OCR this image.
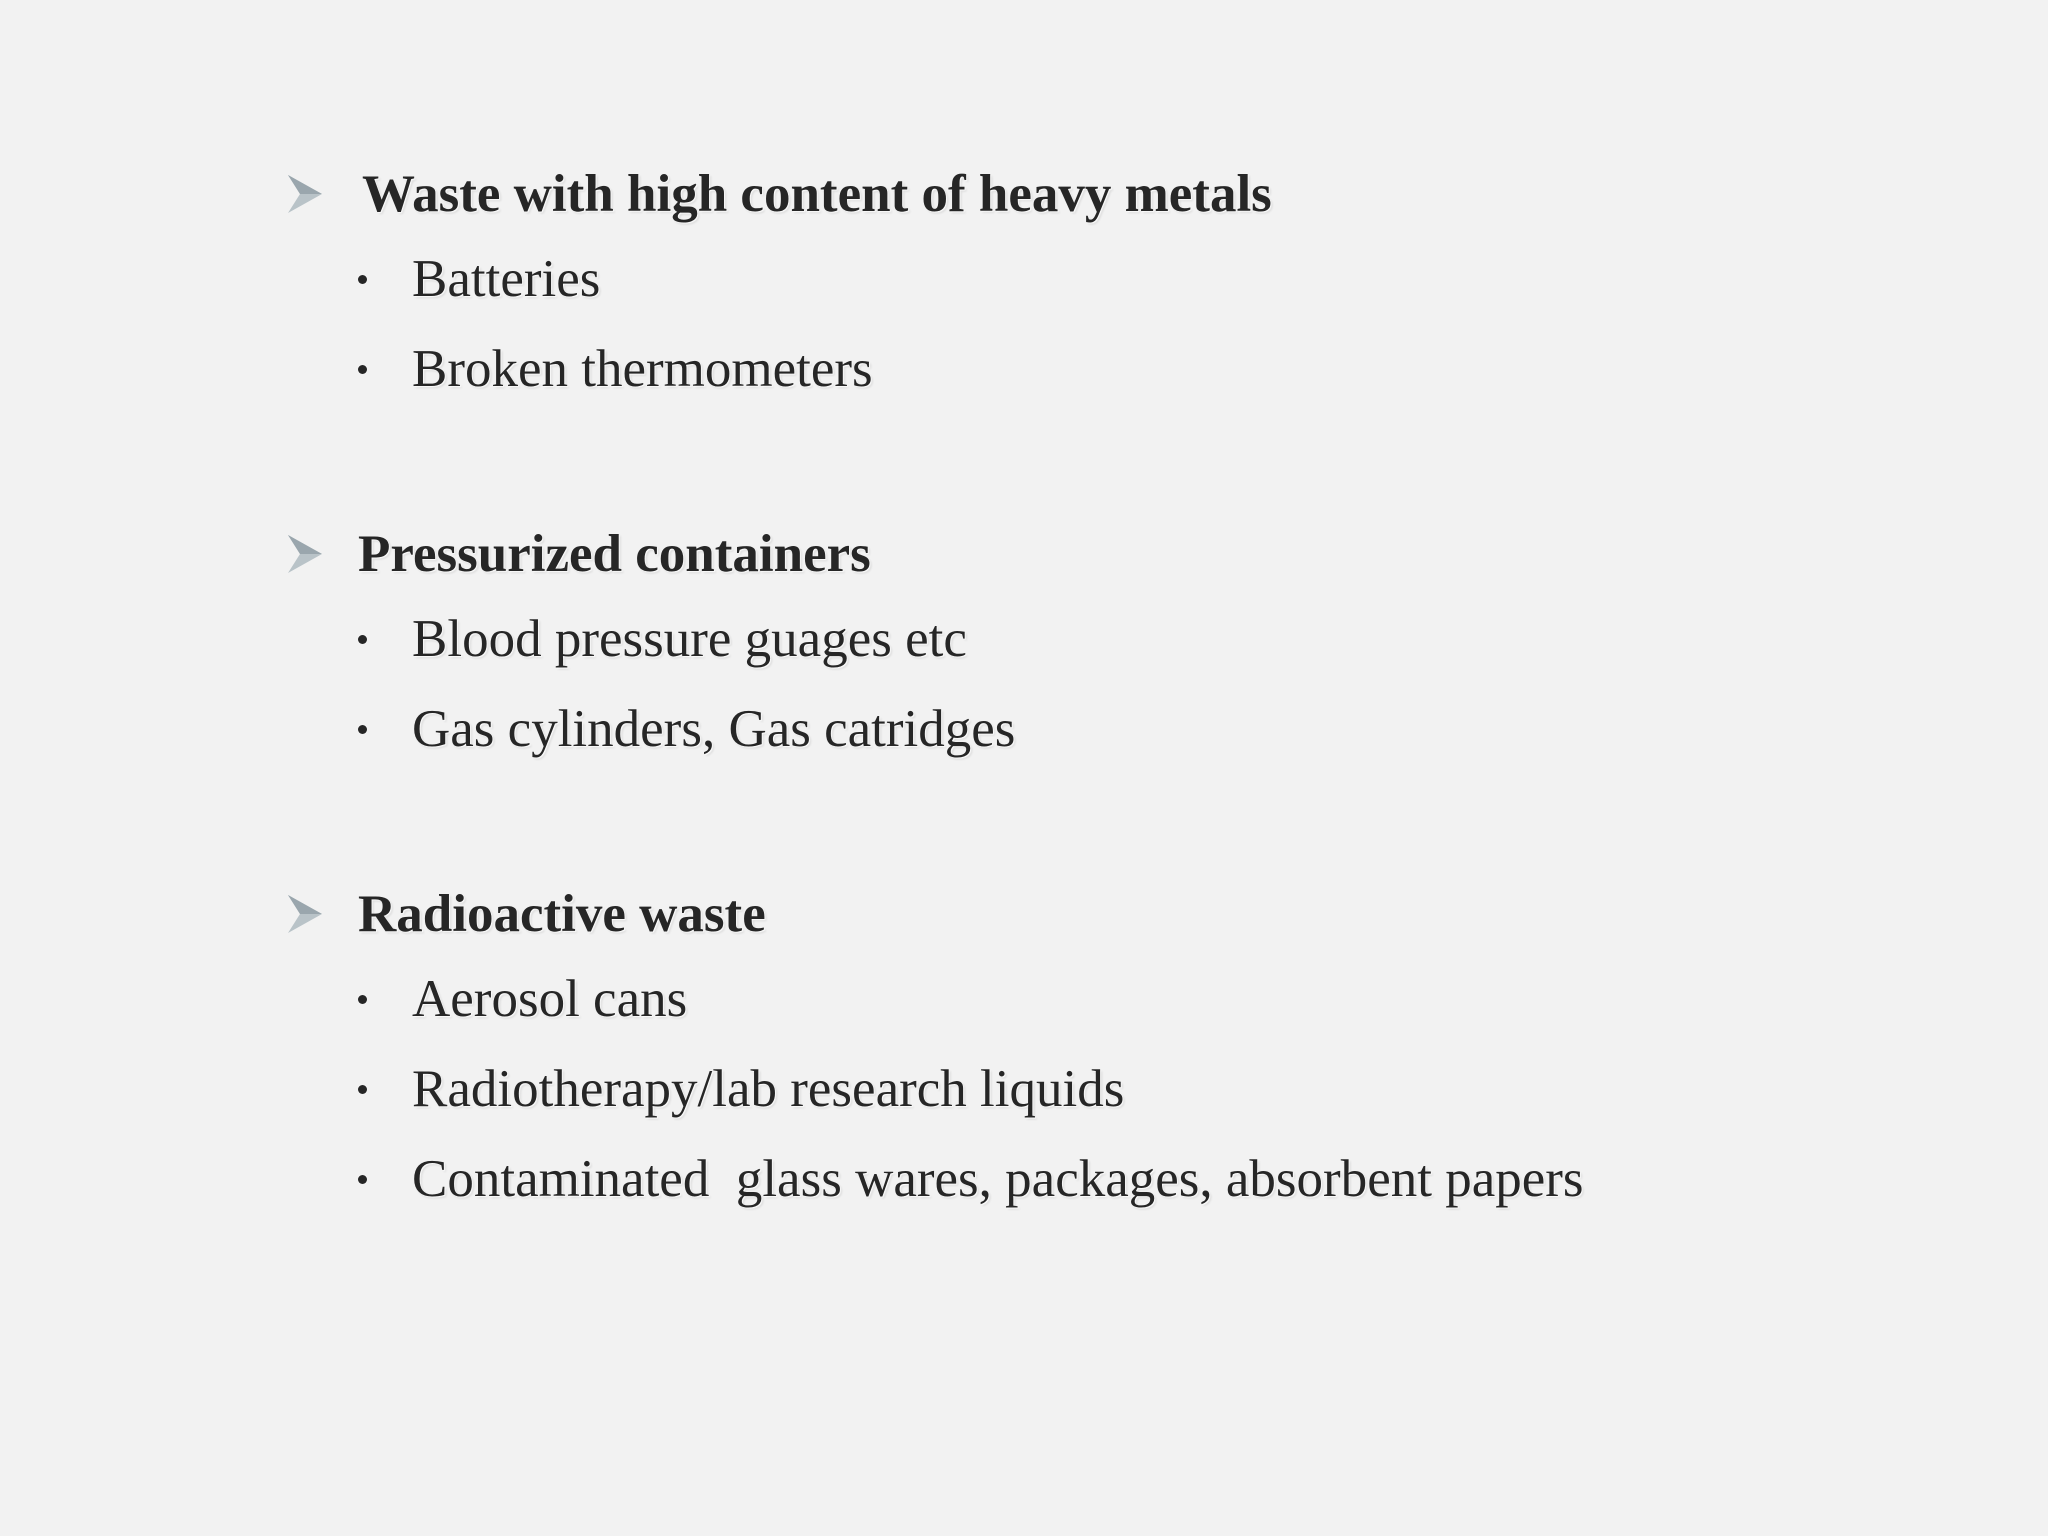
Waste with high content of heavy metals
Batteries
Broken thermometers
Pressurized containers
Blood pressure guages etc
Gas cylinders, Gas catridges
Radioactive waste
Aerosol cans
Radiotherapy/lab research liquids
Contaminated  glass wares, packages, absorbent papers
